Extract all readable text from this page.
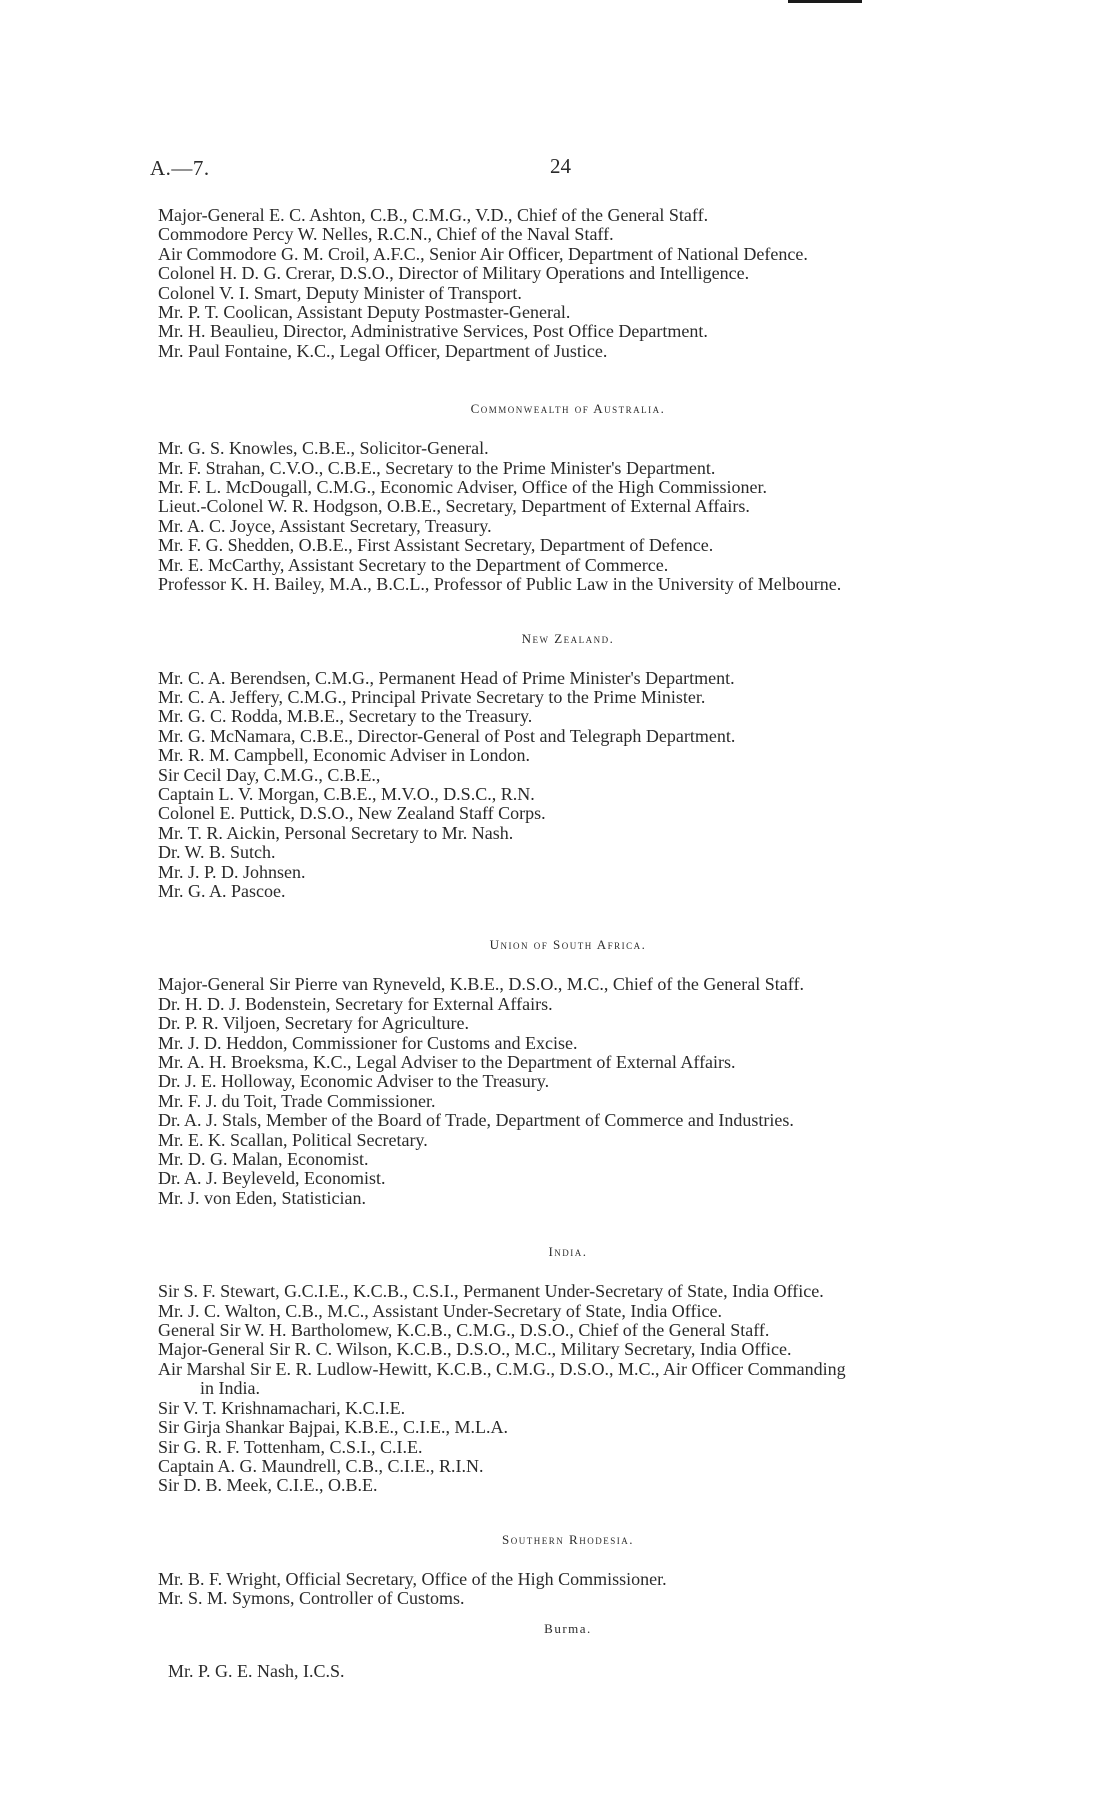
A.—7.	24

Major-General E. C. Ashton, C.B., C.M.G., V.D., Chief of the General Staff.

Commodore Percy W. Nelles, R.C.N., Chief of the Naval Staff.

Air Commodore G. M. Croil, A.F.C., Senior Air Officer, Department of National Defence.

Colonel H. D. G. Crerar, D.S.O., Director of Military Operations and Intelligence.

Colonel V. I. Smart, Deputy Minister of Transport.

Mr. P. T. Coolican, Assistant Deputy Postmaster-General.

Mr. H. Beaulieu, Director, Administrative Services, Post Office Department.

Mr. Paul Fontaine, K.C., Legal Officer, Department of Justice.

Commonwealth of Australia.

Mr. G. S. Knowles, C.B.E., Solicitor-General.

Mr. F. Strahan, C.V.O., C.B.E., Secretary to the Prime Minister's Department.

Mr. F. L. McDougall, C.M.G., Economic Adviser, Office of the High Commissioner.

Lieut.-Colonel W. R. Hodgson, O.B.E., Secretary, Department of External Affairs.

Mr. A. C. Joyce, Assistant Secretary, Treasury.

Mr. F. G. Shedden, O.B.E., First Assistant Secretary, Department of Defence.

Mr. E. McCarthy, Assistant Secretary to the Department of Commerce.

Professor K. H. Bailey, M.A., B.C.L., Professor of Public Law in the University of Melbourne.

New Zealand.

Mr. C. A. Berendsen, C.M.G., Permanent Head of Prime Minister's Department.

Mr. C. A. Jeffery, C.M.G., Principal Private Secretary to the Prime Minister.

Mr. G. C. Rodda, M.B.E., Secretary to the Treasury.

Mr. G. McNamara, C.B.E., Director-General of Post and Telegraph Department.

Mr. R. M. Campbell, Economic Adviser in London.

Sir Cecil Day, C.M.G., C.B.E.,

Captain L. V. Morgan, C.B.E., M.V.O., D.S.C., R.N.

Colonel E. Puttick, D.S.O., New Zealand Staff Corps.

Mr. T. R. Aickin, Personal Secretary to Mr. Nash.

Dr. W. B. Sutch.

Mr. J. P. D. Johnsen.

Mr. G. A. Pascoe.

Union of South Africa.

Major-General Sir Pierre van Ryneveld, K.B.E., D.S.O., M.C., Chief of the General Staff.

Dr. H. D. J. Bodenstein, Secretary for External Affairs.

Dr. P. R. Viljoen, Secretary for Agriculture.

Mr. J. D. Heddon, Commissioner for Customs and Excise.

Mr. A. H. Broeksma, K.C., Legal Adviser to the Department of External Affairs.

Dr. J. E. Holloway, Economic Adviser to the Treasury.

Mr. F. J. du Toit, Trade Commissioner.

Dr. A. J. Stals, Member of the Board of Trade, Department of Commerce and Industries.

Mr. E. K. Scallan, Political Secretary.

Mr. D. G. Malan, Economist.

Dr. A. J. Beyleveld, Economist.

Mr. J. von Eden, Statistician.

India.

Sir S. F. Stewart, G.C.I.E., K.C.B., C.S.I., Permanent Under-Secretary of State, India Office.

Mr. J. C. Walton, C.B., M.C., Assistant Under-Secretary of State, India Office.

General Sir W. H. Bartholomew, K.C.B., C.M.G., D.S.O., Chief of the General Staff.

Major-General Sir R. C. Wilson, K.C.B., D.S.O., M.C., Military Secretary, India Office.

Air Marshal Sir E. R. Ludlow-Hewitt, K.C.B., C.M.G., D.S.O., M.C., Air Officer Commanding

in India.

Sir V. T. Krishnamachari, K.C.I.E.

Sir Girja Shankar Bajpai, K.B.E., C.I.E., M.L.A.

Sir G. R. F. Tottenham, C.S.I., C.I.E.

Captain A. G. Maundrell, C.B., C.I.E., R.I.N.

Sir D. B. Meek, C.I.E., O.B.E.

Southern Rhodesia.

Mr. B. F. Wright, Official Secretary, Office of the High Commissioner.

Mr. S. M. Symons, Controller of Customs.

Burma.
Mr. P. G. E. Nash, I.C.S.
